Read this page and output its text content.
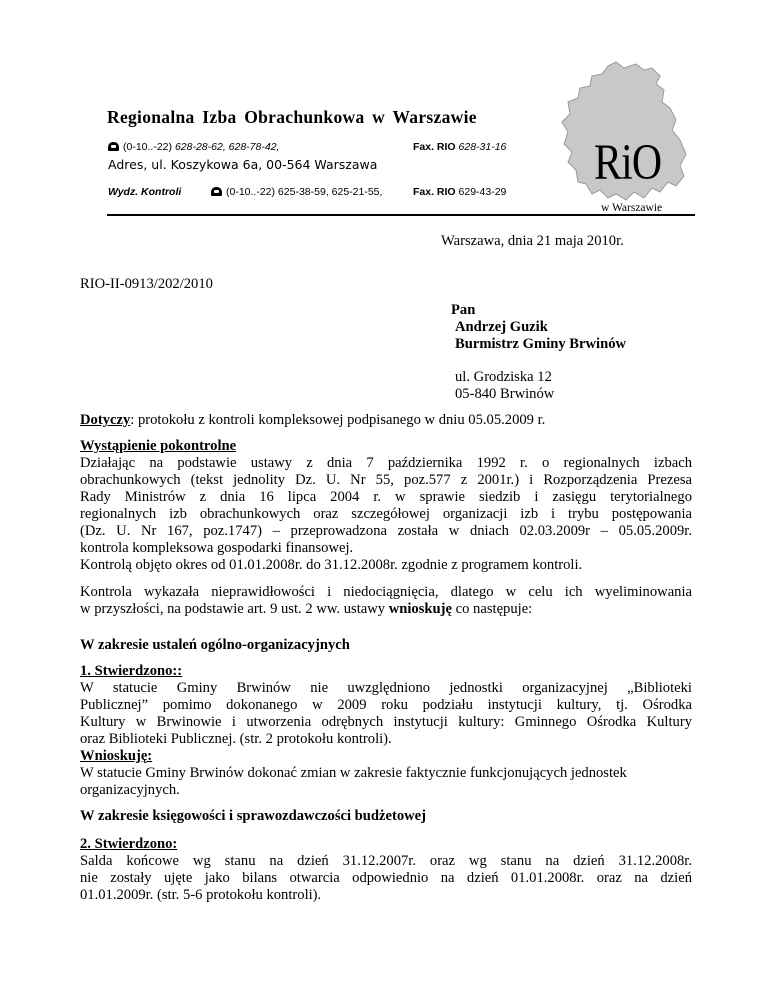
Regionalna Izba Obrachunkowa w Warszawie
(0-10..-22) 628-28-62, 628-78-42,	Fax. RIO 628-31-16
Adres, ul. Koszykowa 6a, 00-564 Warszawa
Wydz. Kontroli	(0-10..-22) 625-38-59, 625-21-55,	Fax. RIO 629-43-29
RiO
w Warszawie
Warszawa, dnia 21 maja 2010r.
RIO-II-0913/202/2010
Pan
Andrzej Guzik
Burmistrz Gminy Brwinów
ul. Grodziska 12
05-840 Brwinów
Dotyczy: protokołu z kontroli kompleksowej podpisanego w dniu 05.05.2009 r.
Wystąpienie pokontrolne
Działając na podstawie ustawy z dnia 7 października 1992 r. o regionalnych izbach
obrachunkowych (tekst jednolity Dz. U. Nr 55, poz.577 z 2001r.) i Rozporządzenia Prezesa
Rady Ministrów z dnia 16 lipca 2004 r. w sprawie siedzib i zasięgu terytorialnego
regionalnych izb obrachunkowych oraz szczegółowej organizacji izb i trybu postępowania
(Dz. U. Nr 167, poz.1747) – przeprowadzona została w dniach 02.03.2009r – 05.05.2009r.
kontrola kompleksowa gospodarki finansowej.
Kontrolą objęto okres od 01.01.2008r. do 31.12.2008r. zgodnie z programem kontroli.
Kontrola wykazała nieprawidłowości i niedociągnięcia, dlatego w celu ich wyeliminowania
w przyszłości, na podstawie art. 9 ust. 2 ww. ustawy wnioskuję co następuje:
W zakresie ustaleń ogólno-organizacyjnych
1. Stwierdzono::
W statucie Gminy Brwinów nie uwzględniono jednostki organizacyjnej „Biblioteki
Publicznej” pomimo dokonanego w 2009 roku podziału instytucji kultury, tj. Ośrodka
Kultury w Brwinowie i utworzenia odrębnych instytucji kultury: Gminnego Ośrodka Kultury
oraz Biblioteki Publicznej. (str. 2 protokołu kontroli).
Wnioskuję:
W statucie Gminy Brwinów dokonać zmian w zakresie faktycznie funkcjonujących jednostek
organizacyjnych.
W zakresie księgowości i sprawozdawczości budżetowej
2. Stwierdzono:
Salda końcowe wg stanu na dzień 31.12.2007r. oraz wg stanu na dzień 31.12.2008r.
nie zostały ujęte jako bilans otwarcia odpowiednio na dzień 01.01.2008r. oraz na dzień
01.01.2009r. (str. 5-6 protokołu kontroli).
